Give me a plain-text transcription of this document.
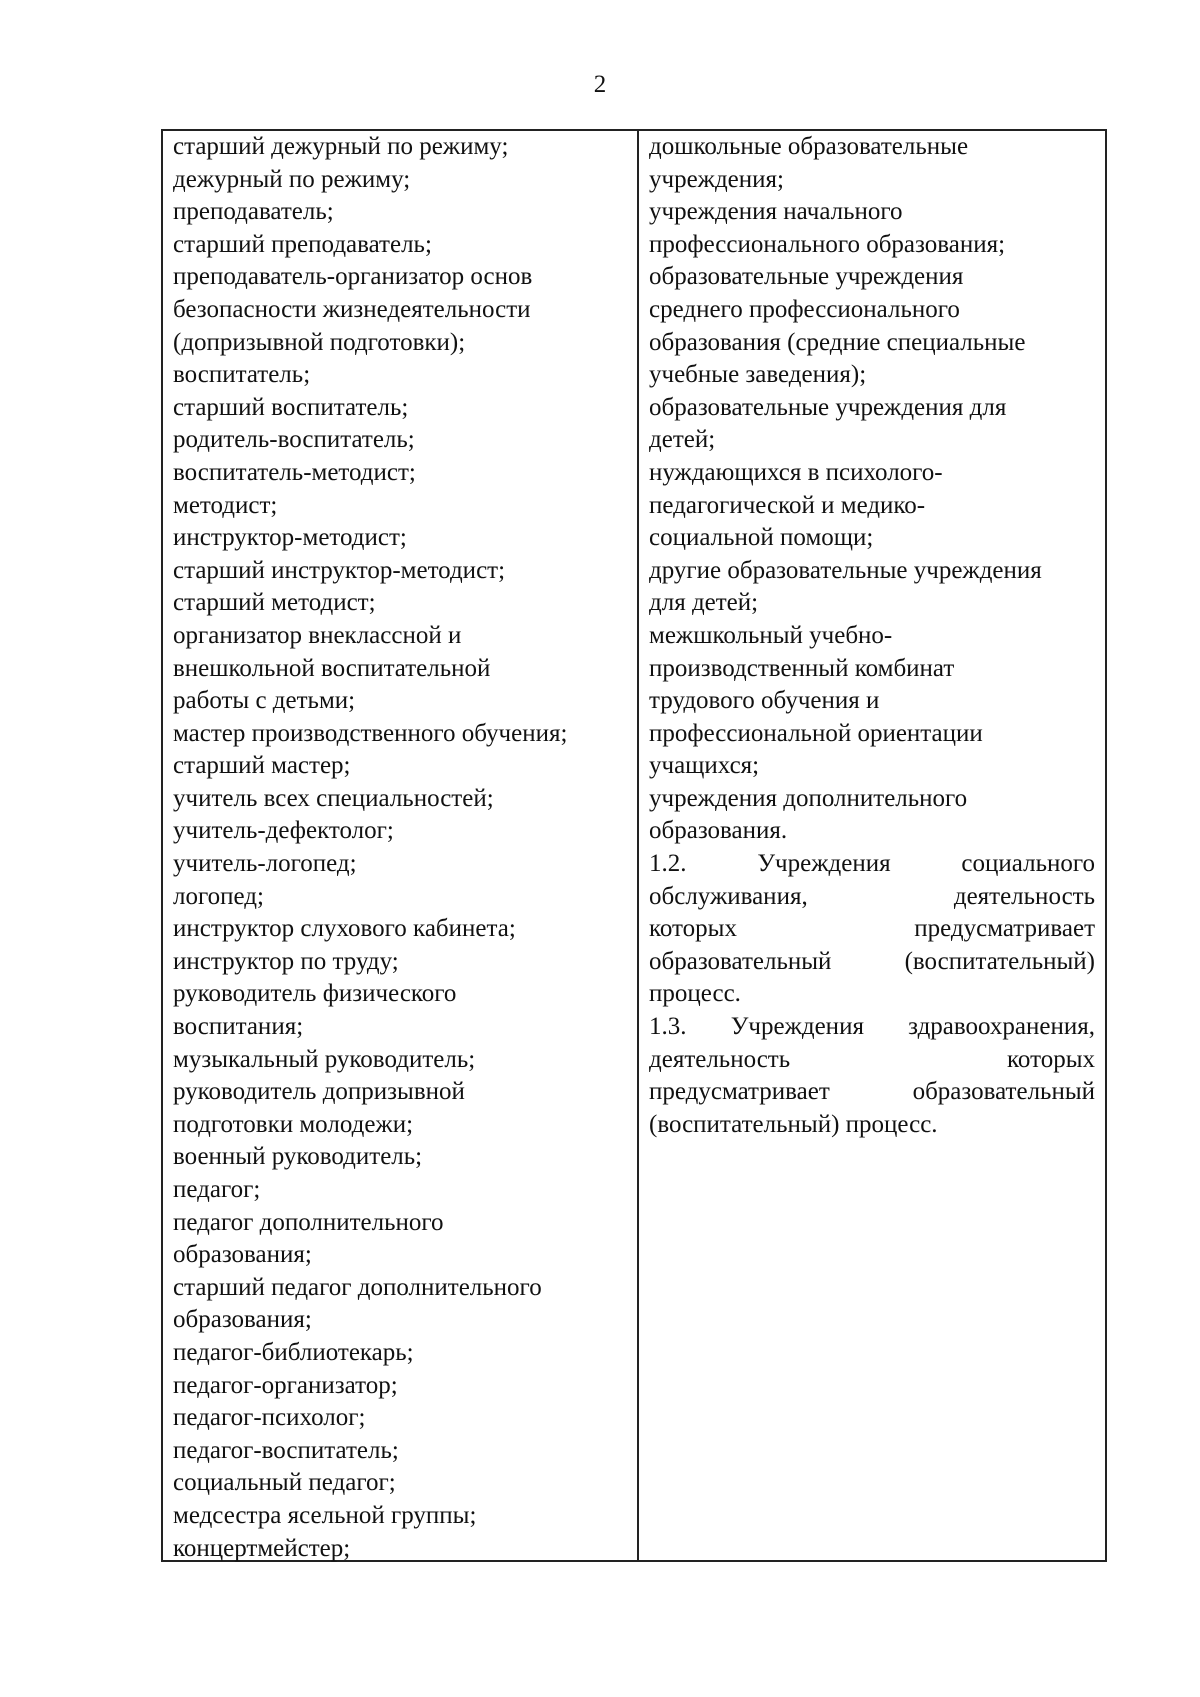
2

старший дежурный по режиму;

дежурный по режиму;

преподаватель;

старший преподаватель;

преподаватель-организатор основ

безопасности жизнедеятельности

(допризывной подготовки);

воспитатель;

старший воспитатель;

родитель-воспитатель;

воспитатель-методист;

методист;

инструктор-методист;

старший инструктор-методист;

старший методист;

организатор внеклассной и

внешкольной воспитательной

работы с детьми;

мастер производственного обучения;

старший мастер;

учитель всех специальностей;

учитель-дефектолог;

учитель-логопед;

логопед;

инструктор слухового кабинета;

инструктор по труду;

руководитель физического

воспитания;

музыкальный руководитель;

руководитель допризывной

подготовки молодежи;

военный руководитель;

педагог;

педагог дополнительного

образования;

старший педагог дополнительного

образования;

педагог-библиотекарь;

педагог-организатор;

педагог-психолог;

педагог-воспитатель;

социальный педагог;

медсестра ясельной группы;

концертмейстер;

дошкольные образовательные

учреждения;

учреждения начального

профессионального образования;

образовательные учреждения

среднего профессионального

образования (средние специальные

учебные заведения);

образовательные учреждения для

детей;

нуждающихся в психолого-

педагогической и медико-

социальной помощи;

другие образовательные учреждения

для детей;

межшкольный учебно-

производственный комбинат

трудового обучения и

профессиональной ориентации

учащихся;

учреждения дополнительного

образования.

1.2. Учреждения социального

обслуживания, деятельность

которых предусматривает

образовательный (воспитательный)

процесс.

1.3. Учреждения здравоохранения,

деятельность которых

предусматривает образовательный

(воспитательный) процесс.
